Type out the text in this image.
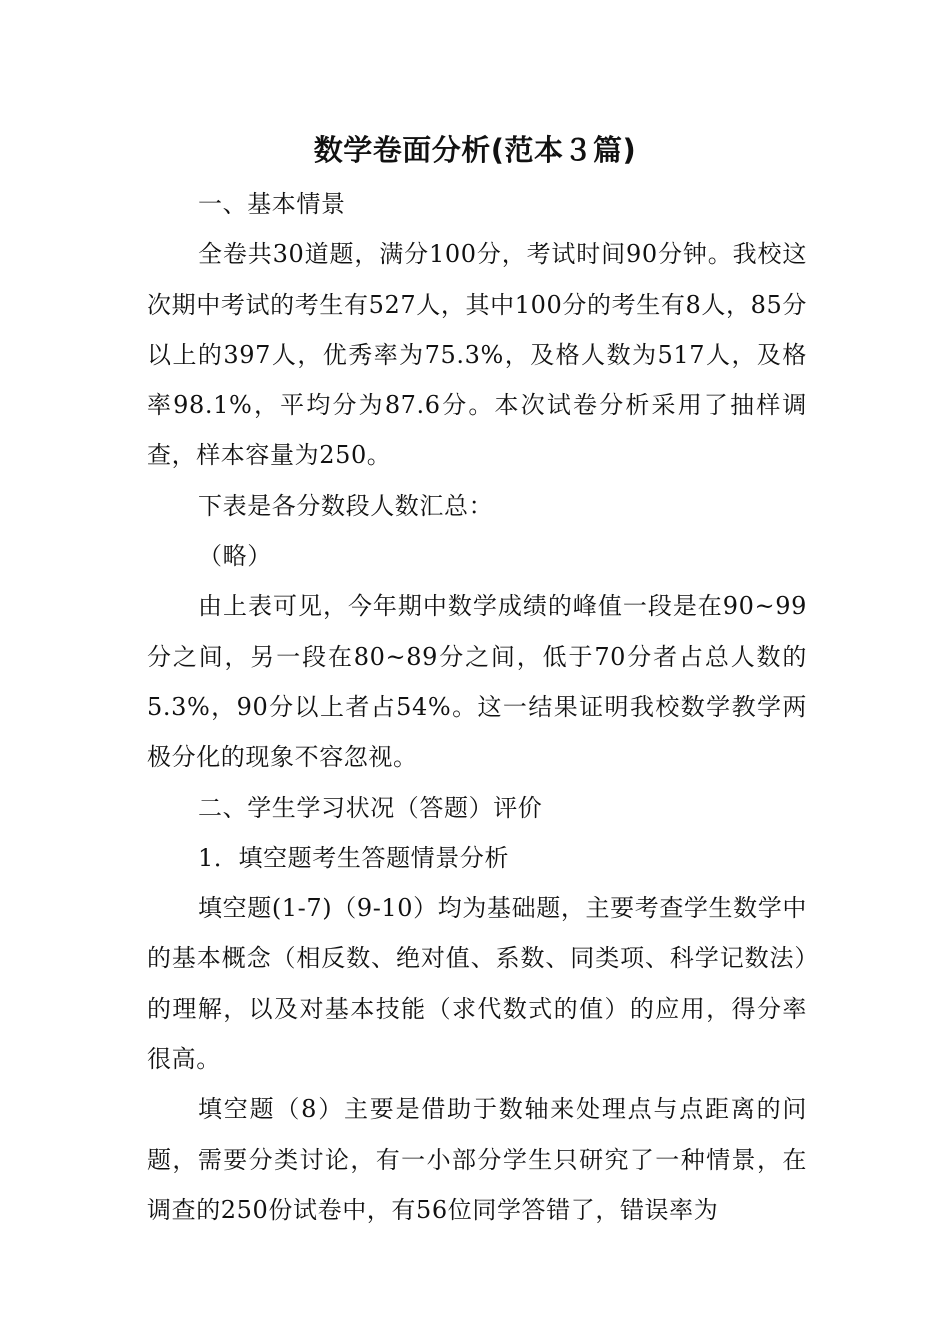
数学卷面分析(范本３篇)

一、基本情景

全卷共30道题，满分100分，考试时间90分钟。我校这次期中考试的考生有527人，其中100分的考生有8人，85分以上的397人，优秀率为75.3%，及格人数为517人，及格率98.1%，平均分为87.6分。本次试卷分析采用了抽样调查，样本容量为250。

下表是各分数段人数汇总：

（略）

由上表可见，今年期中数学成绩的峰值一段是在90~99分之间，另一段在80~89分之间，低于70分者占总人数的5.3%，90分以上者占54%。这一结果证明我校数学教学两极分化的现象不容忽视。

二、学生学习状况（答题）评价

1．填空题考生答题情景分析

填空题(1-7)（9-10）均为基础题，主要考查学生数学中的基本概念（相反数、绝对值、系数、同类项、科学记数法）的理解，以及对基本技能（求代数式的值）的应用，得分率很高。

填空题（8）主要是借助于数轴来处理点与点距离的问题，需要分类讨论，有一小部分学生只研究了一种情景，在调查的250份试卷中，有56位同学答错了，错误率为
